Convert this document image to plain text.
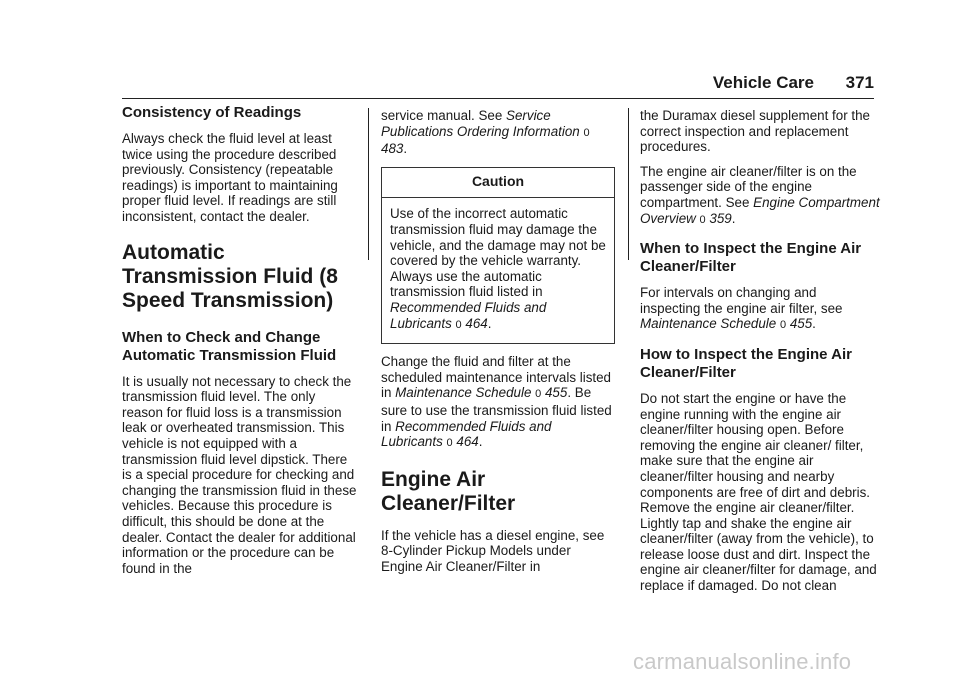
Vehicle Care 371
Consistency of Readings

Always check the fluid level at least twice using the procedure described previously. Consistency (repeatable readings) is important to maintaining proper fluid level. If readings are still inconsistent, contact the dealer.

Automatic Transmission Fluid (8 Speed Transmission)
When to Check and Change Automatic Transmission Fluid

It is usually not necessary to check the transmission fluid level. The only reason for fluid loss is a transmission leak or overheated transmission. This vehicle is not equipped with a transmission fluid level dipstick. There is a special procedure for checking and changing the transmission fluid in these vehicles. Because this procedure is difficult, this should be done at the dealer. Contact the dealer for additional information or the procedure can be found in the

service manual. See Service Publications Ordering Information 0 483.

Caution

Use of the incorrect automatic transmission fluid may damage the vehicle, and the damage may not be covered by the vehicle warranty. Always use the automatic transmission fluid listed in Recommended Fluids and Lubricants 0 464.

Change the fluid and filter at the scheduled maintenance intervals listed in Maintenance Schedule 0 455. Be sure to use the transmission fluid listed in Recommended Fluids and Lubricants 0 464.

Engine Air Cleaner/Filter

If the vehicle has a diesel engine, see 8-Cylinder Pickup Models under Engine Air Cleaner/Filter in

the Duramax diesel supplement for the correct inspection and replacement procedures.

The engine air cleaner/filter is on the passenger side of the engine compartment. See Engine Compartment Overview 0 359.

When to Inspect the Engine Air Cleaner/Filter

For intervals on changing and inspecting the engine air filter, see Maintenance Schedule 0 455.

How to Inspect the Engine Air Cleaner/Filter

Do not start the engine or have the engine running with the engine air cleaner/filter housing open. Before removing the engine air cleaner/ filter, make sure that the engine air cleaner/filter housing and nearby components are free of dirt and debris. Remove the engine air cleaner/filter. Lightly tap and shake the engine air cleaner/filter (away from the vehicle), to release loose dust and dirt. Inspect the engine air cleaner/filter for damage, and replace if damaged. Do not clean

carmanualsonline.info
